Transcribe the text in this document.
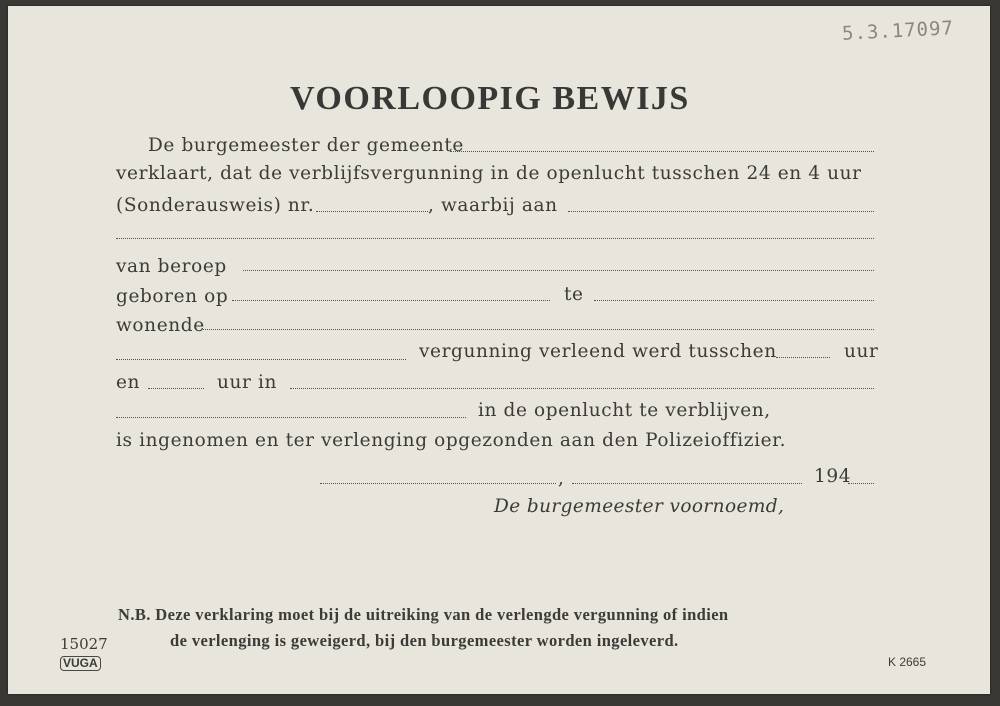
5.3.17097
VOORLOOPIG BEWIJS
De burgemeester der gemeente
verklaart, dat de verblijfsvergunning in de openlucht tusschen 24 en 4 uur
(Sonderausweis) nr.	, waarbij aan
van beroep
geboren op	te
wonende
vergunning verleend werd tusschen	uur
en	uur in
in de openlucht te verblijven,
is ingenomen en ter verlenging opgezonden aan den Polizeioffizier.
,	194
De burgemeester voornoemd,
N.B. Deze verklaring moet bij de uitreiking van de verlengde vergunning of indien
de verlenging is geweigerd, bij den burgemeester worden ingeleverd.
15027
VUGA	K 2665
